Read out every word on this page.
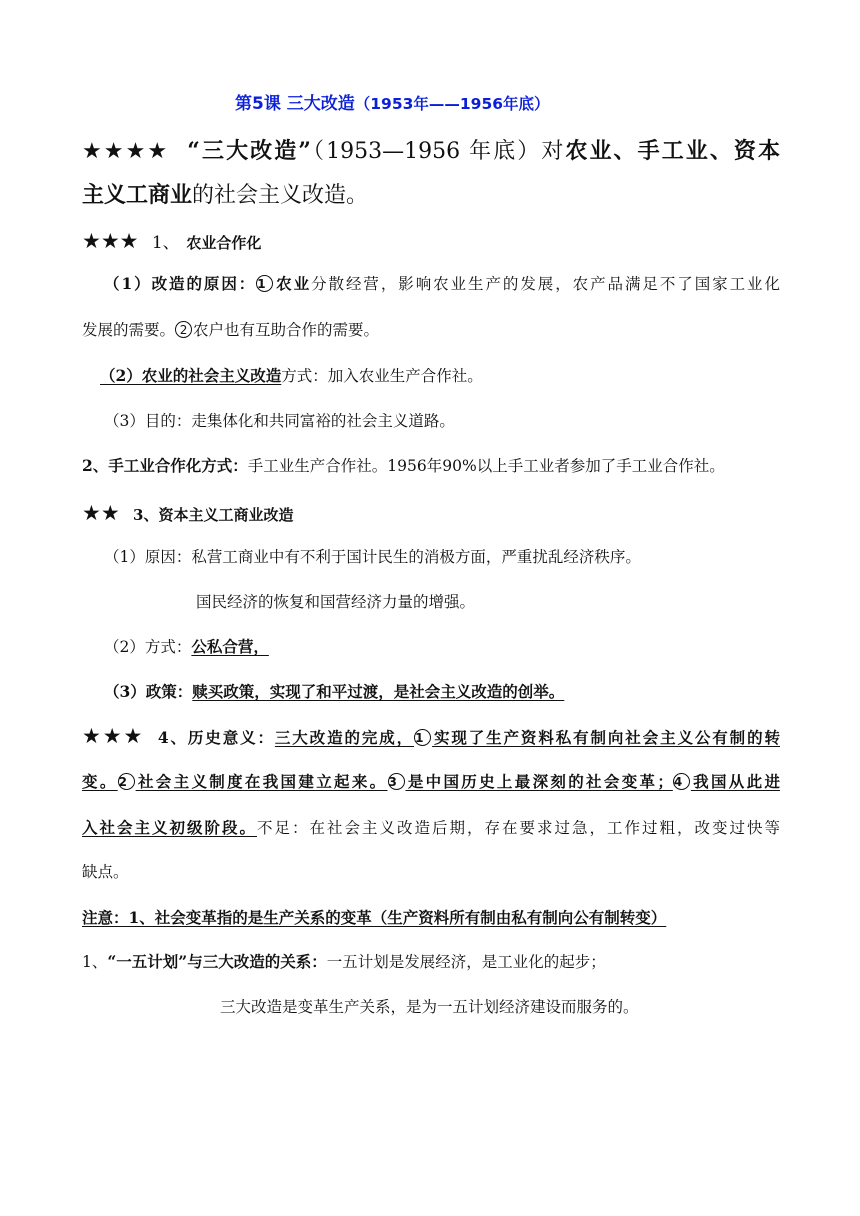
第5课 三大改造（1953年——1956年底）
★★★★ “三大改造”（1953—1956 年底）对农业、手工业、资本
主义工商业的社会主义改造。
★★★ 1、 农业合作化
（1）改造的原因：1 农业分散经营，影响农业生产的发展，农产品满足不了国家工业化
发展的需要。 2 农户也有互助合作的需要。
（2）农业的社会主义改造方式：加入农业生产合作社。
（3）目的：走集体化和共同富裕的社会主义道路。
2、手工业合作化方式：手工业生产合作社。1956年90%以上手工业者参加了手工业合作社。
★★ 3、资本主义工商业改造
（1）原因：私营工商业中有不利于国计民生的消极方面，严重扰乱经济秩序。
国民经济的恢复和国营经济力量的增强。
（2）方式：公私合营，
（3）政策：赎买政策，实现了和平过渡，是社会主义改造的创举。
★★★ 4、历史意义：三大改造的完成，1 实现了生产资料私有制向社会主义公有制的转
变。2 社会主义制度在我国建立起来。3 是中国历史上最深刻的社会变革；4 我国从此进
入社会主义初级阶段。不足：在社会主义改造后期，存在要求过急，工作过粗，改变过快等
缺点。
注意：1、社会变革指的是生产关系的变革（生产资料所有制由私有制向公有制转变）
1、“一五计划”与三大改造的关系：一五计划是发展经济，是工业化的起步；
三大改造是变革生产关系，是为一五计划经济建设而服务的。
